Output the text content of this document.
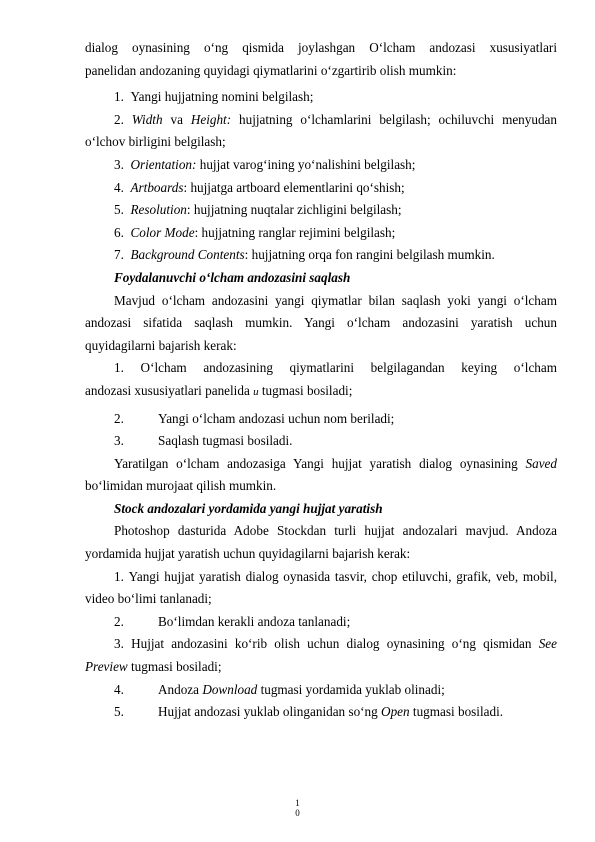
dialog oynasining o‘ng qismida joylashgan O‘lcham andozasi xususiyatlari

panelidan andozaning quyidagi qiymatlarini o‘zgartirib olish mumkin:

1. Yangi hujjatning nomini belgilash;

2. Width va Height: hujjatning o‘lchamlarini belgilash; ochiluvchi menyudan o‘lchov birligini belgilash;

3. Orientation: hujjat varog‘ining yo‘nalishini belgilash;

4. Artboards: hujjatga artboard elementlarini qo‘shish;

5. Resolution: hujjatning nuqtalar zichligini belgilash;

6. Color Mode: hujjatning ranglar rejimini belgilash;

7. Background Contents: hujjatning orqa fon rangini belgilash mumkin.

Foydalanuvchi o‘lcham andozasini saqlash

Mavjud o‘lcham andozasini yangi qiymatlar bilan saqlash yoki yangi o‘lcham andozasi sifatida saqlash mumkin. Yangi o‘lcham andozasini yaratish uchun quyidagilarni bajarish kerak:

1. O‘lcham andozasining qiymatlarini belgilagandan keying o‘lcham

andozasi xususiyatlari panelida и tugmasi bosiladi;

2.	Yangi o‘lcham andozasi uchun nom beriladi;
3.	Saqlash tugmasi bosiladi.

Yaratilgan o‘lcham andozasiga Yangi hujjat yaratish dialog oynasining Saved bo‘limidan murojaat qilish mumkin.

Stock andozalari yordamida yangi hujjat yaratish

Photoshop dasturida Adobe Stockdan turli hujjat andozalari mavjud. Andoza yordamida hujjat yaratish uchun quyidagilarni bajarish kerak:

1. Yangi hujjat yaratish dialog oynasida tasvir, chop etiluvchi, grafik, veb, mobil, video bo‘limi tanlanadi;

2.	Bo‘limdan kerakli andoza tanlanadi;

3. Hujjat andozasini ko‘rib olish uchun dialog oynasining o‘ng qismidan See Preview tugmasi bosiladi;

4.	Andoza Download tugmasi yordamida yuklab olinadi;
5.	Hujjat andozasi yuklab olinganidan so‘ng Open tugmasi bosiladi.
1
0
